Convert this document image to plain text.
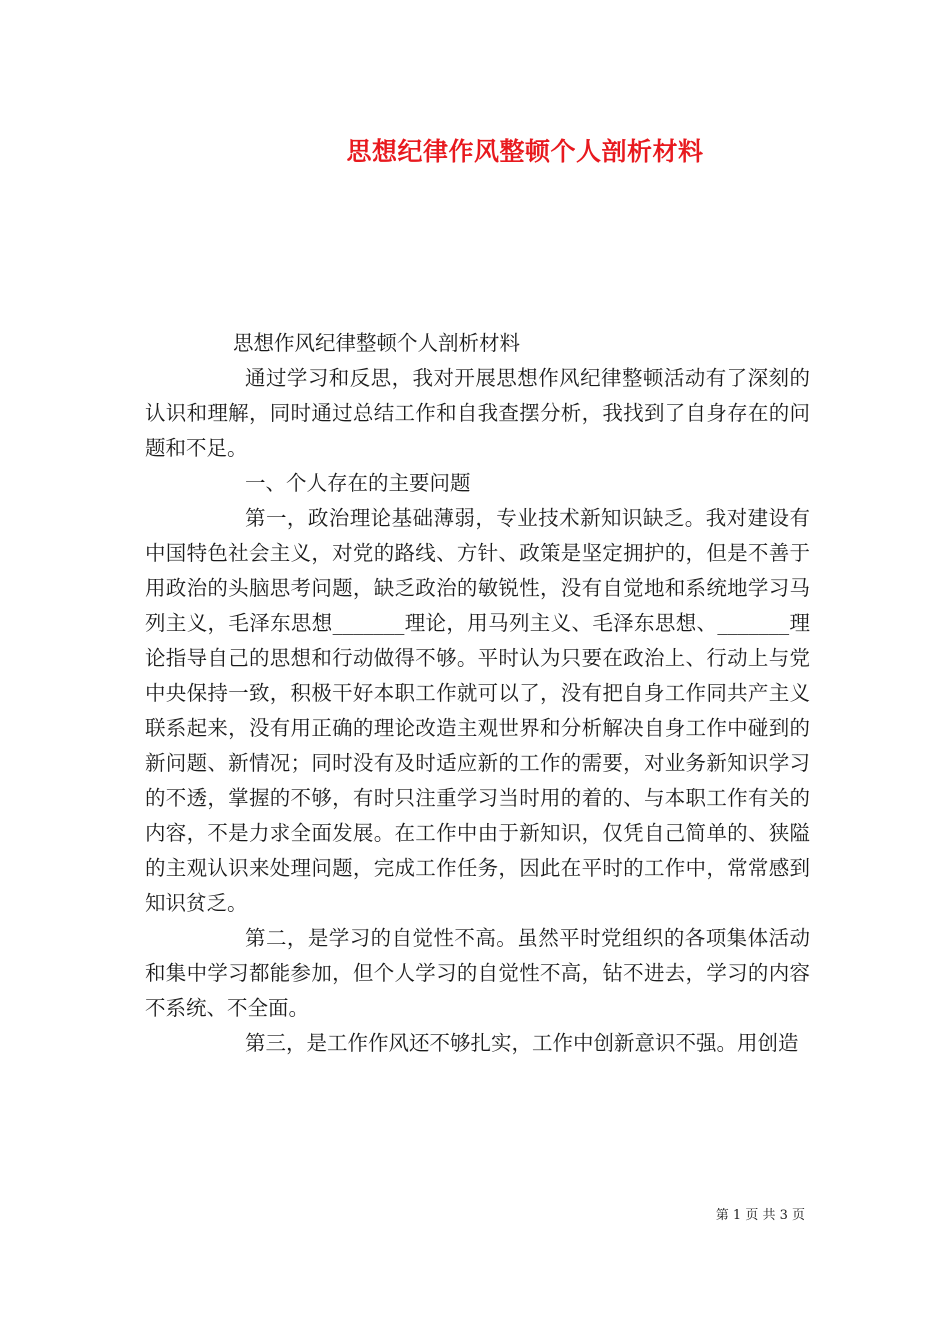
思想纪律作风整顿个人剖析材料

思想作风纪律整顿个人剖析材料

通过学习和反思，我对开展思想作风纪律整顿活动有了深刻的认识和理解，同时通过总结工作和自我查摆分析，我找到了自身存在的问题和不足。

一、个人存在的主要问题

第一，政治理论基础薄弱，专业技术新知识缺乏。我对建设有中国特色社会主义，对党的路线、方针、政策是坚定拥护的，但是不善于用政治的头脑思考问题，缺乏政治的敏锐性，没有自觉地和系统地学习马列主义，毛泽东思想_______理论，用马列主义、毛泽东思想、_______理论指导自己的思想和行动做得不够。平时认为只要在政治上、行动上与党中央保持一致，积极干好本职工作就可以了，没有把自身工作同共产主义联系起来，没有用正确的理论改造主观世界和分析解决自身工作中碰到的新问题、新情况；同时没有及时适应新的工作的需要，对业务新知识学习的不透，掌握的不够，有时只注重学习当时用的着的、与本职工作有关的内容，不是力求全面发展。在工作中由于新知识，仅凭自己简单的、狭隘的主观认识来处理问题，完成工作任务，因此在平时的工作中，常常感到知识贫乏。

第二，是学习的自觉性不高。虽然平时党组织的各项集体活动和集中学习都能参加，但个人学习的自觉性不高，钻不进去，学习的内容不系统、不全面。

第三，是工作作风还不够扎实，工作中创新意识不强。用创造

第 1 页 共 3 页
